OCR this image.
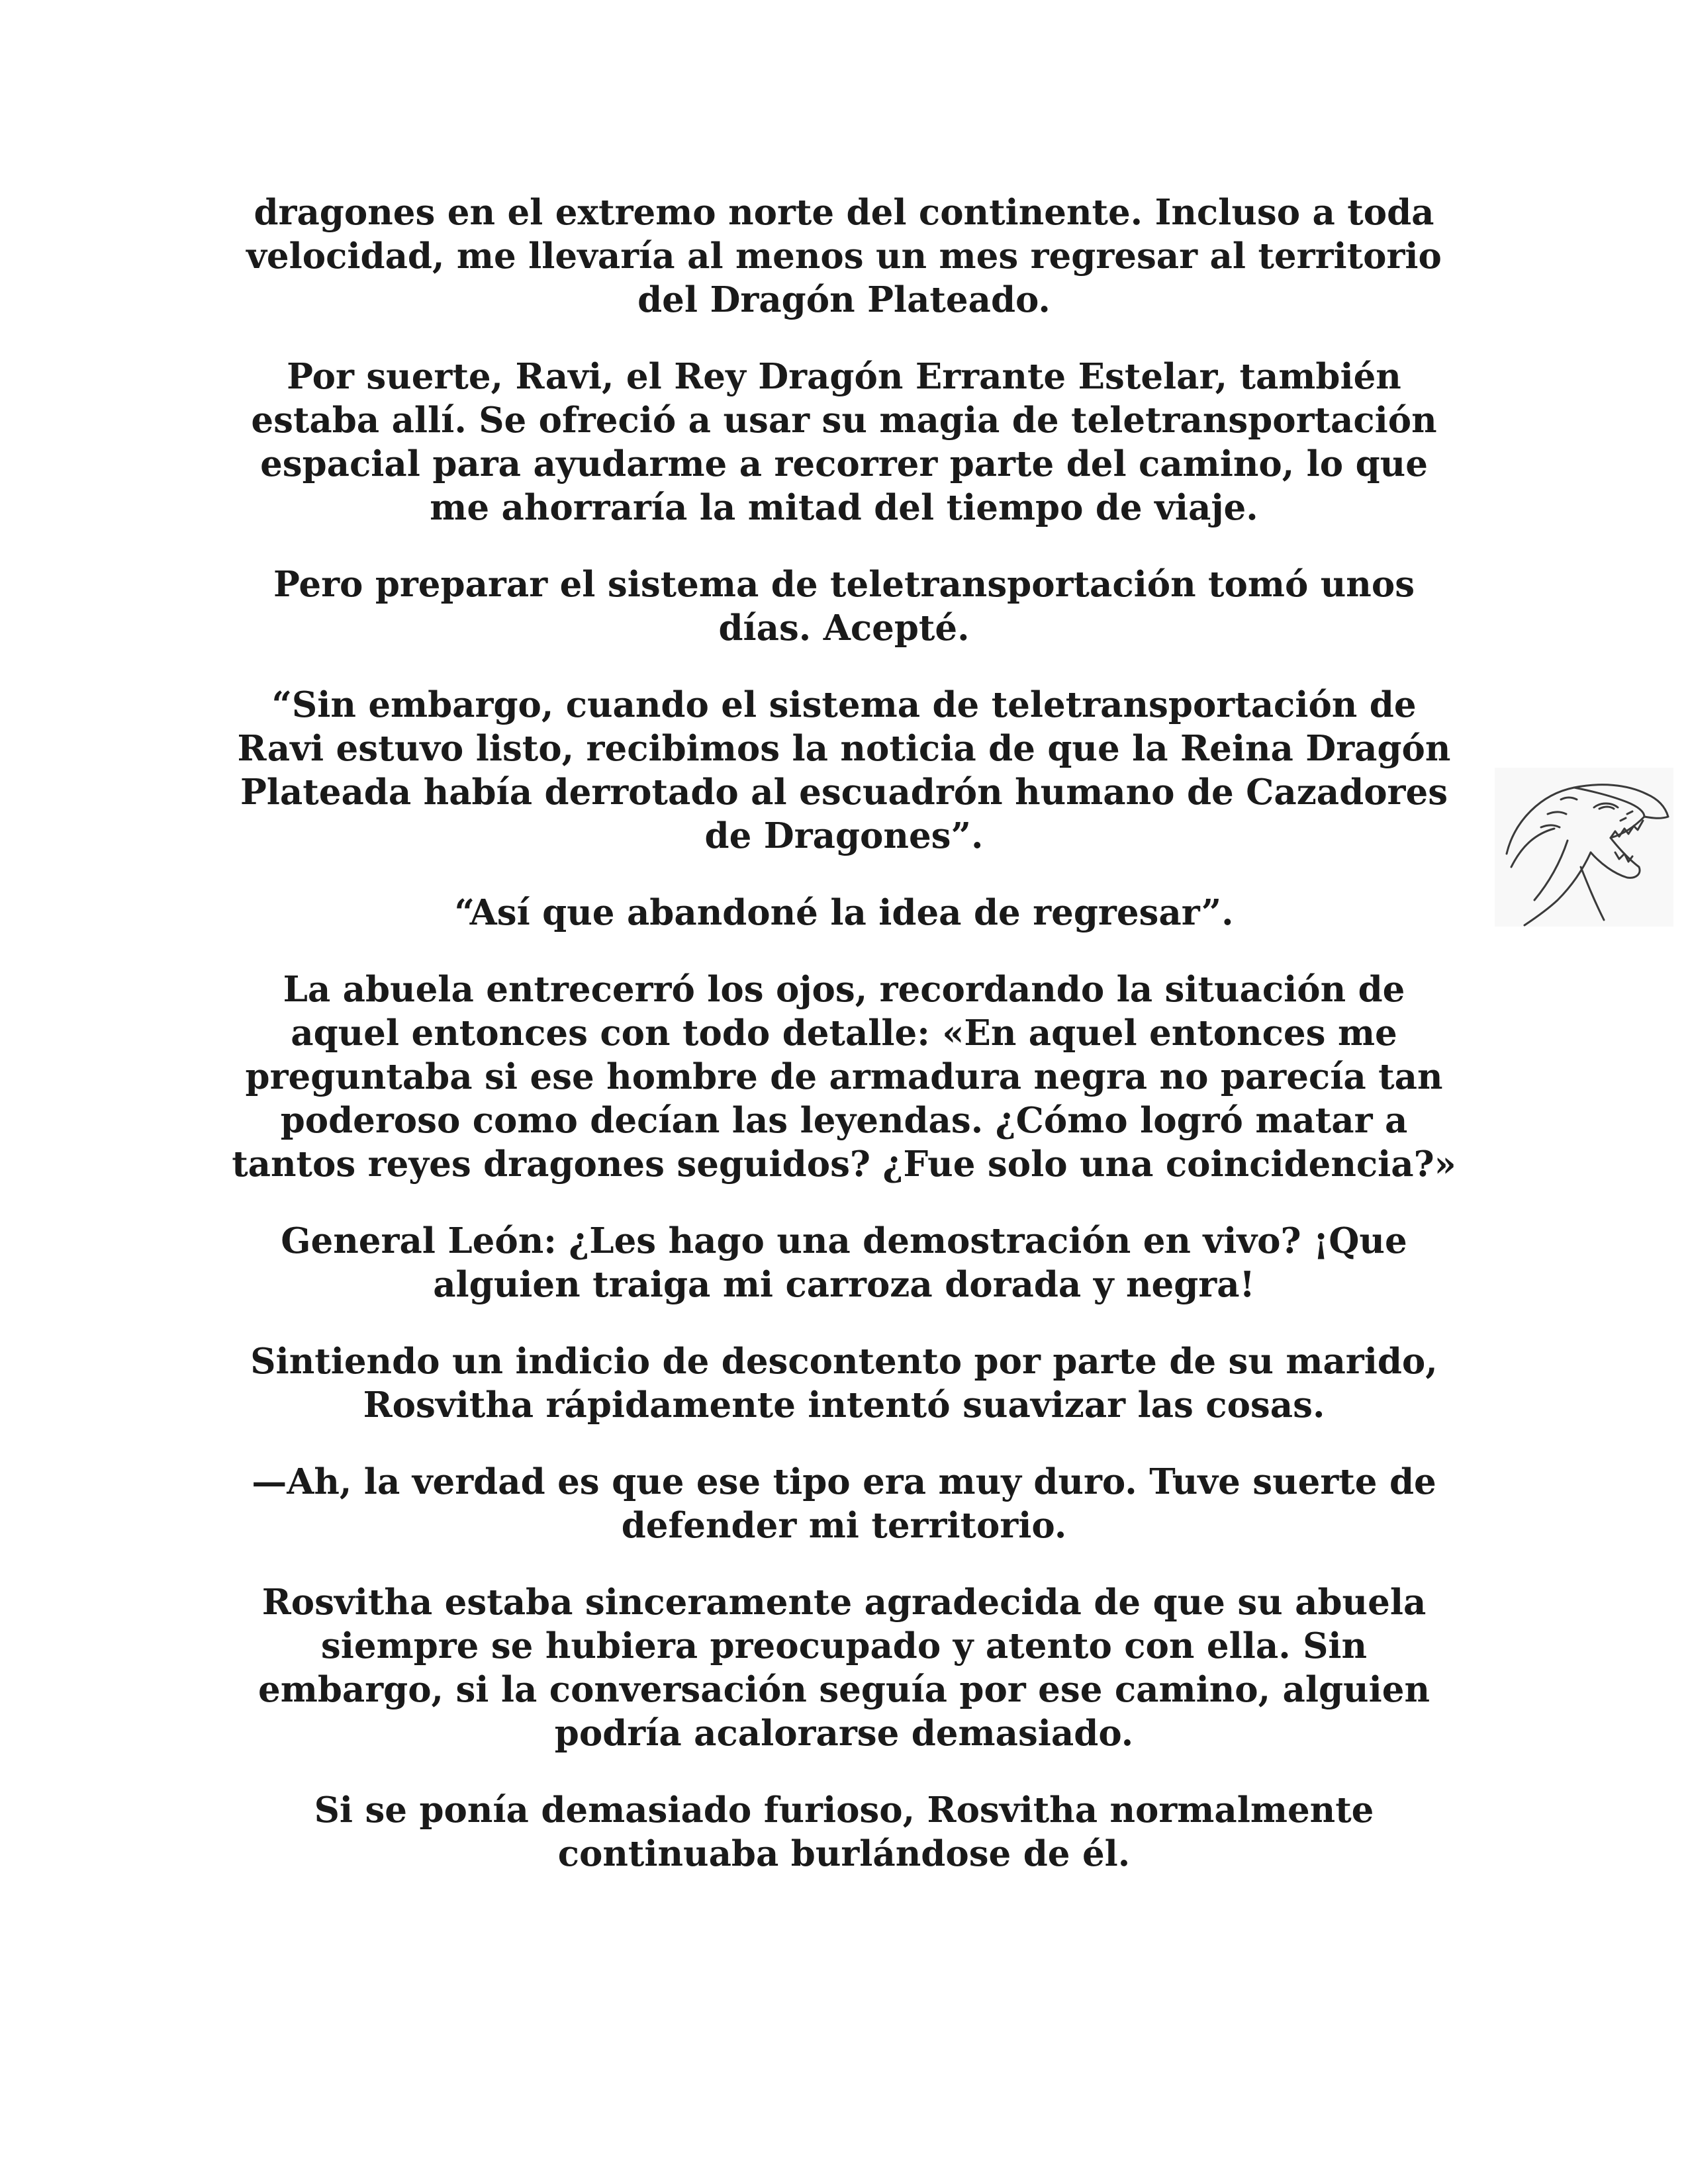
dragones en el extremo norte del continente. Incluso a toda velocidad, me llevaría al menos un mes regresar al territorio del Dragón Plateado.

Por suerte, Ravi, el Rey Dragón Errante Estelar, también estaba allí. Se ofreció a usar su magia de teletransportación espacial para ayudarme a recorrer parte del camino, lo que me ahorraría la mitad del tiempo de viaje.

Pero preparar el sistema de teletransportación tomó unos días. Acepté.

“Sin embargo, cuando el sistema de teletransportación de Ravi estuvo listo, recibimos la noticia de que la Reina Dragón Plateada había derrotado al escuadrón humano de Cazadores de Dragones”.

“Así que abandoné la idea de regresar”.

La abuela entrecerró los ojos, recordando la situación de aquel entonces con todo detalle: «En aquel entonces me preguntaba si ese hombre de armadura negra no parecía tan poderoso como decían las leyendas. ¿Cómo logró matar a tantos reyes dragones seguidos? ¿Fue solo una coincidencia?»

General León: ¿Les hago una demostración en vivo? ¡Que alguien traiga mi carroza dorada y negra!

Sintiendo un indicio de descontento por parte de su marido, Rosvitha rápidamente intentó suavizar las cosas.

—Ah, la verdad es que ese tipo era muy duro. Tuve suerte de defender mi territorio.

Rosvitha estaba sinceramente agradecida de que su abuela siempre se hubiera preocupado y atento con ella. Sin embargo, si la conversación seguía por ese camino, alguien podría acalorarse demasiado.

Si se ponía demasiado furioso, Rosvitha normalmente continuaba burlándose de él.
